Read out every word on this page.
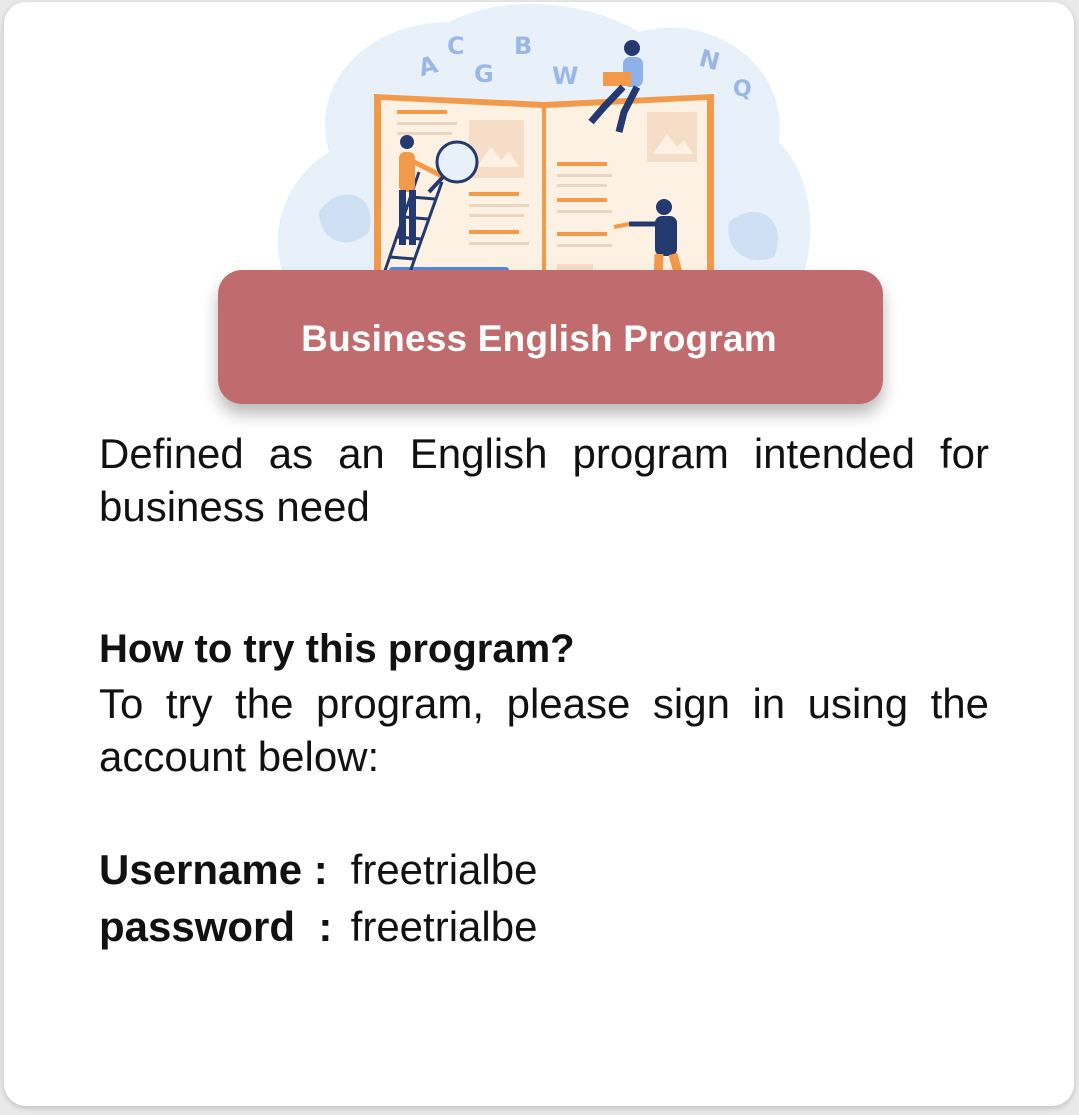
A
C
G
B
W	N
Q
Business English Program

Defined as an English program intended for business need

How to try this program?

To try the program, please sign in using the account below:

Username : freetrialbe
password  : freetrialbe
